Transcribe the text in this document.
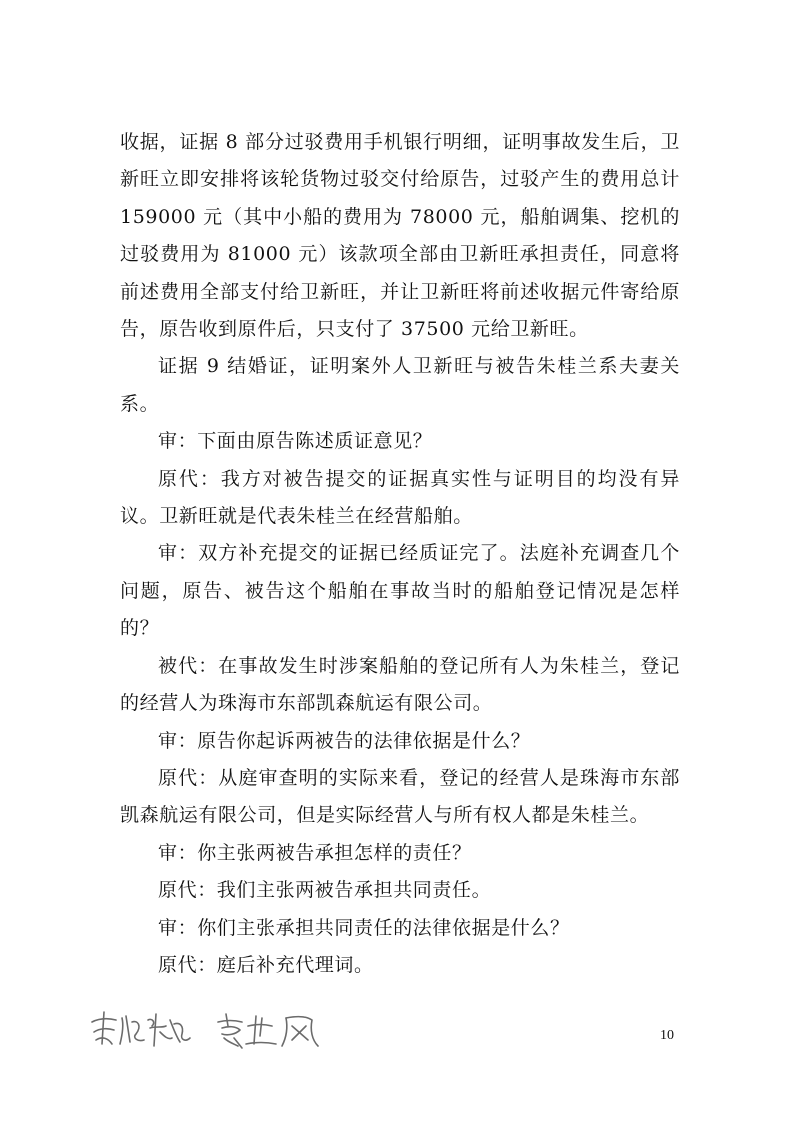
收据，证据 8 部分过驳费用手机银行明细，证明事故发生后，卫新旺立即安排将该轮货物过驳交付给原告，过驳产生的费用总计 159000 元（其中小船的费用为 78000 元，船舶调集、挖机的过驳费用为 81000 元）该款项全部由卫新旺承担责任，同意将前述费用全部支付给卫新旺，并让卫新旺将前述收据元件寄给原告，原告收到原件后，只支付了 37500 元给卫新旺。

证据 9 结婚证，证明案外人卫新旺与被告朱桂兰系夫妻关系。

审：下面由原告陈述质证意见？

原代：我方对被告提交的证据真实性与证明目的均没有异议。卫新旺就是代表朱桂兰在经营船舶。

审：双方补充提交的证据已经质证完了。法庭补充调查几个问题，原告、被告这个船舶在事故当时的船舶登记情况是怎样的？

被代：在事故发生时涉案船舶的登记所有人为朱桂兰，登记的经营人为珠海市东部凯森航运有限公司。

审：原告你起诉两被告的法律依据是什么？

原代：从庭审查明的实际来看，登记的经营人是珠海市东部凯森航运有限公司，但是实际经营人与所有权人都是朱桂兰。

审：你主张两被告承担怎样的责任？

原代：我们主张两被告承担共同责任。

审：你们主张承担共同责任的法律依据是什么？

原代：庭后补充代理词。

10
